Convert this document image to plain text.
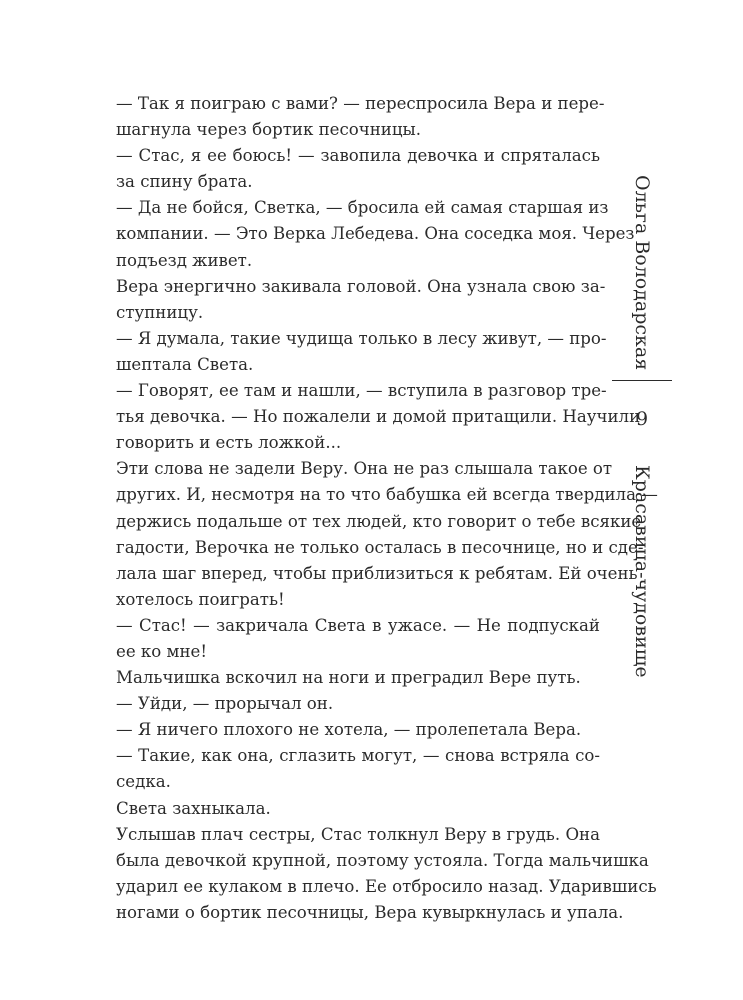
— Так я поиграю с вами? — переспросила Вера и пере-
шагнула через бортик песочницы.
— Стас, я ее боюсь! — завопила девочка и спряталась
за спину брата.
— Да не бойся, Светка, — бросила ей самая старшая из
компании. — Это Верка Лебедева. Она соседка моя. Через
подъезд живет.
Вера энергично закивала головой. Она узнала свою за-
ступницу.
— Я думала, такие чудища только в лесу живут, — про-
шептала Света.
— Говорят, ее там и нашли, — вступила в разговор тре-
тья девочка. — Но пожалели и домой притащили. Научили
говорить и есть ложкой...
Эти слова не задели Веру. Она не раз слышала такое от
других. И, несмотря на то что бабушка ей всегда твердила —
держись подальше от тех людей, кто говорит о тебе всякие
гадости, Верочка не только осталась в песочнице, но и сде-
лала шаг вперед, чтобы приблизиться к ребятам. Ей очень
хотелось поиграть!
— Стас! — закричала Света в ужасе. — Не подпускай
ее ко мне!
Мальчишка вскочил на ноги и преградил Вере путь.
— Уйди, — прорычал он.
— Я ничего плохого не хотела, — пролепетала Вера.
— Такие, как она, сглазить могут, — снова встряла со-
седка.
Света захныкала.
Услышав плач сестры, Стас толкнул Веру в грудь. Она
была девочкой крупной, поэтому устояла. Тогда мальчишка
ударил ее кулаком в плечо. Ее отбросило назад. Ударившись
ногами о бортик песочницы, Вера кувыркнулась и упала.
Ольга Володарская
9
Красавица-чудовище
